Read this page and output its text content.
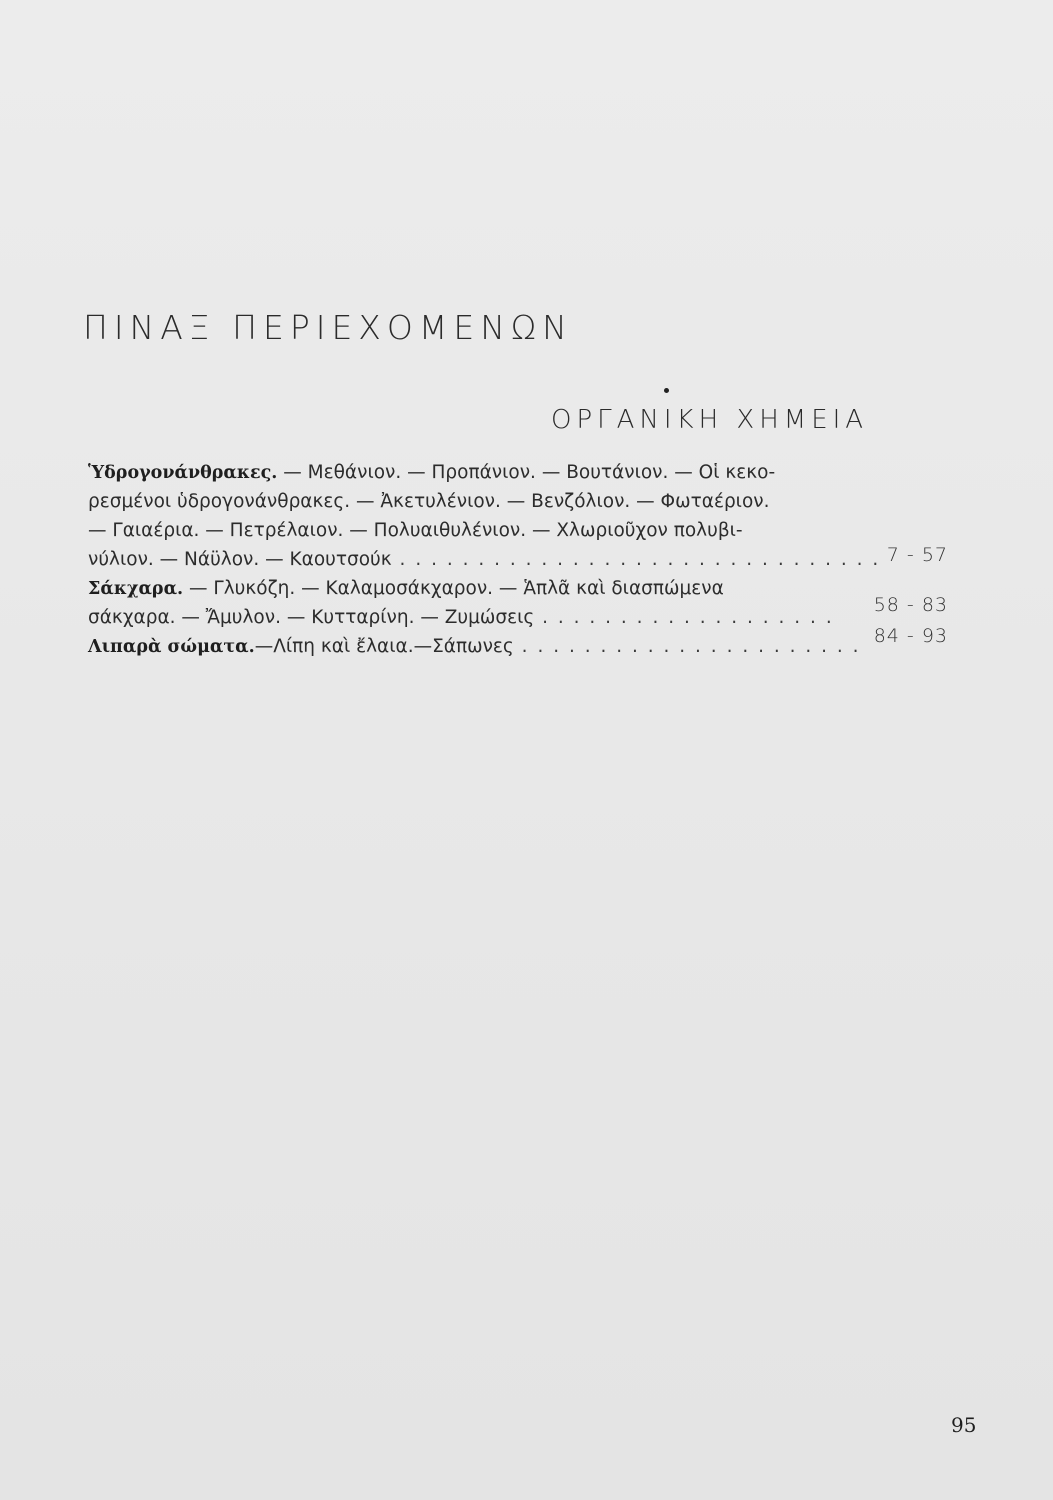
ΠΙΝΑΞ ΠΕΡΙΕΧΟΜΕΝΩΝ
ΟΡΓΑΝΙΚΗ ΧΗΜΕΙΑ
Ὑδρογονάνθρακες. — Μεθάνιον. — Προπάνιον. — Βουτάνιον. — Οἱ κεκο-
ρεσμένοι ὑδρογονάνθρακες. — Ἀκετυλένιον. — Βενζόλιον. — Φωταέριον.
— Γαιαέρια. — Πετρέλαιον. — Πολυαιθυλένιον. — Χλωριοῦχον πολυβι-
νύλιον. — Νάϋλον. — Καουτσούκ . . . . . . . . . . . . . . . . . . . . . . . . . . . . . . . 7 - 57
Σάκχαρα. — Γλυκόζη. — Καλαμοσάκχαρον. — Ἁπλᾶ καὶ διασπώμενα
σάκχαρα. — Ἄμυλον. — Κυτταρίνη. — Ζυμώσεις . . . . . . . . . . . . . . . . . . .
58 - 83
Λιπαρὰ σώματα.—Λίπη καὶ ἔλαια.—Σάπωνες . . . . . . . . . . . . . . . . . . . . . . 84 - 93
95
